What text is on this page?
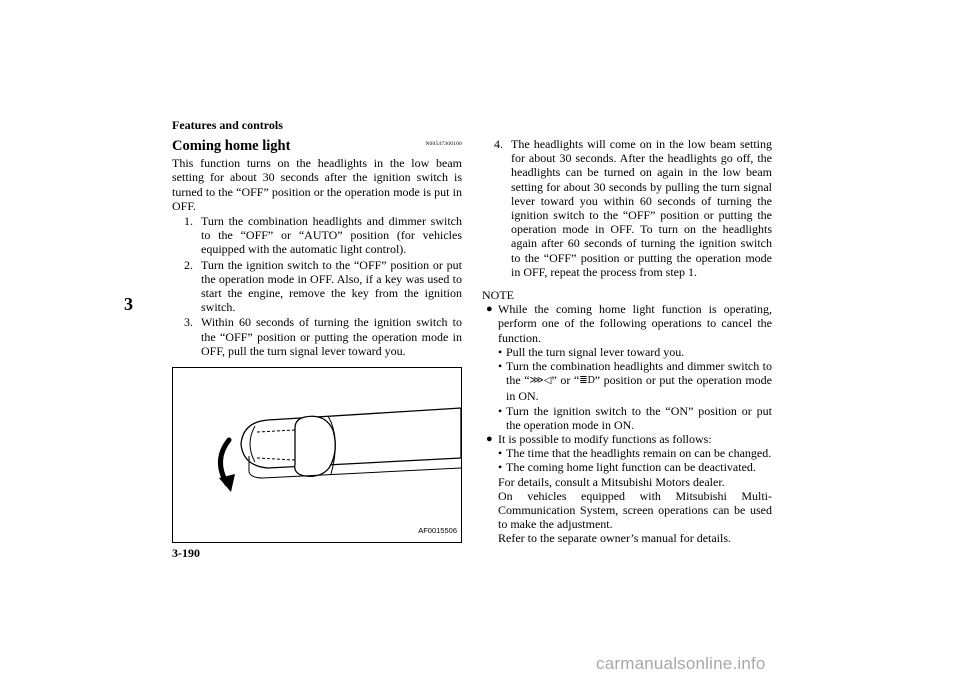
Features and controls
3
3-190
carmanualsonline.info
Coming home light	N00547300100

This function turns on the headlights in the low beam setting for about 30 seconds after the ignition switch is turned to the “OFF” position or the operation mode is put in OFF.

1. Turn the combination headlights and dimmer switch to the “OFF” or “AUTO” position (for vehicles equipped with the automatic light control).
2. Turn the ignition switch to the “OFF” position or put the operation mode in OFF. Also, if a key was used to start the engine, remove the key from the ignition switch.
3. Within 60 seconds of turning the ignition switch to the “OFF” position or putting the operation mode in OFF, pull the turn signal lever toward you.
AF0015506
4. The headlights will come on in the low beam setting for about 30 seconds. After the headlights go off, the headlights can be turned on again in the low beam setting for about 30 seconds by pulling the turn signal lever toward you within 60 seconds of turning the ignition switch to the “OFF” position or putting the operation mode in OFF. To turn on the headlights again after 60 seconds of turning the ignition switch to the “OFF” position or putting the operation mode in OFF, repeat the process from step 1.
NOTE
● While the coming home light function is operating, perform one of the following operations to cancel the function.

• Pull the turn signal lever toward you.
• Turn the combination headlights and dimmer switch to the “⋙◁” or “≣D” position or put the operation mode in ON.
• Turn the ignition switch to the “ON” position or put the operation mode in ON.
● It is possible to modify functions as follows:

• The time that the headlights remain on can be changed.
• The coming home light function can be deactivated.

For details, consult a Mitsubishi Motors dealer.

On vehicles equipped with Mitsubishi Multi-Communication System, screen operations can be used to make the adjustment.

Refer to the separate owner’s manual for details.
